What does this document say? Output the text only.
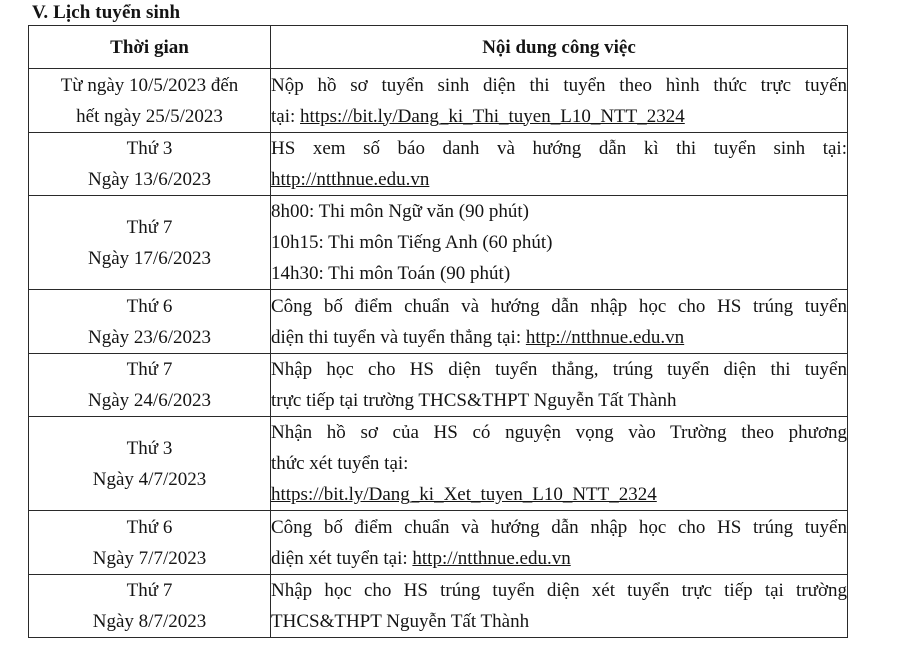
V. Lịch tuyển sinh
Thời gian	Nội dung công việc

Từ ngày 10/5/2023 đến
hết ngày 25/5/2023	Nộp hồ sơ tuyển sinh diện thi tuyển theo hình thức trực tuyến
tại: https://bit.ly/Dang_ki_Thi_tuyen_L10_NTT_2324

Thứ 3
Ngày 13/6/2023	HS xem số báo danh và hướng dẫn kì thi tuyển sinh tại:
http://ntthnue.edu.vn

Thứ 7
Ngày 17/6/2023	8h00: Thi môn Ngữ văn (90 phút)
10h15: Thi môn Tiếng Anh (60 phút)
14h30: Thi môn Toán (90 phút)

Thứ 6
Ngày 23/6/2023	Công bố điểm chuẩn và hướng dẫn nhập học cho HS trúng tuyển
diện thi tuyển và tuyển thẳng tại: http://ntthnue.edu.vn

Thứ 7
Ngày 24/6/2023	Nhập học cho HS diện tuyển thẳng, trúng tuyển diện thi tuyển
trực tiếp tại trường THCS&THPT Nguyễn Tất Thành

Thứ 3
Ngày 4/7/2023	Nhận hồ sơ của HS có nguyện vọng vào Trường theo phương
thức xét tuyển tại:
https://bit.ly/Dang_ki_Xet_tuyen_L10_NTT_2324

Thứ 6
Ngày 7/7/2023	Công bố điểm chuẩn và hướng dẫn nhập học cho HS trúng tuyển
diện xét tuyển tại: http://ntthnue.edu.vn

Thứ 7
Ngày 8/7/2023	Nhập học cho HS trúng tuyển diện xét tuyển trực tiếp tại trường
THCS&THPT Nguyễn Tất Thành
